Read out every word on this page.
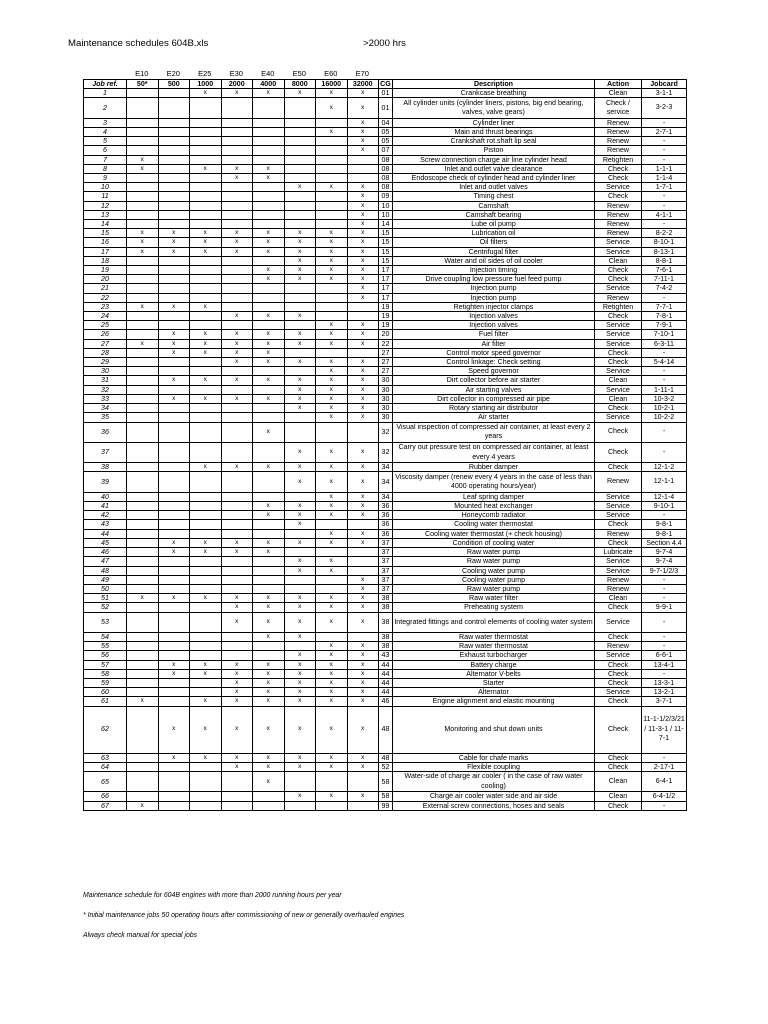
Maintenance schedules 604B.xls	>2000 hrs
E10	E20	E25	E30	E40	E50	E60	E70
Job ref.	50*	500	1000	2000	4000	8000	16000	32000	CG	Description	Action	Jobcard
1			x	x	x	x	x	x	01	Crankcase breathing	Clean	3-1-1
2							x	x	01	All cylinder units (cylinder liners, pistons, big end bearing, valves, valve gears)	Check / service	3-2-3
3								x	04	Cylinder liner	Renew	-
4							x	x	05	Main and thrust bearings	Renew	2-7-1
5								x	05	Crankshaft rot.shaft lip seal	Renew	-
6								x	07	Piston	Renew	-
7	x								08	Screw connection charge air line cylinder head	Retighten	-
8	x		x	x	x				08	Inlet and outlet valve clearance	Check	1-1-1
9				x	x				08	Endoscope check of cylinder head and cylinder liner	Check	1-1-4
10						x	x	x	08	Inlet and outlet valves	Service	1-7-1
11								x	09	Timing chest	Check	-
12								x	10	Camshaft	Renew	-
13								x	10	Camshaft bearing	Renew	4-1-1
14								x	14	Lube oil pump	Renew	-
15	x	x	x	x	x	x	x	x	15	Lubrication oil	Renew	8-2-2
16	x	x	x	x	x	x	x	x	15	Oil filters	Service	8-10-1
17	x	x	x	x	x	x	x	x	15	Centrifugal filter	Service	8-13-1
18						x	x	x	15	Water and oil sides of oil cooler	Clean	8-8-1
19					x	x	x	x	17	Injection timing	Check	7-6-1
20					x	x	x	x	17	Drive coupling low pressure fuel feed pump	Check	7-11-1
21								x	17	Injection pump	Service	7-4-2
22								x	17	Injection pump	Renew	-
23	x	x	x						19	Retighten injector clamps	Retighten	7-7-1
24				x	x	x			19	Injection valves	Check	7-8-1
25							x	x	19	Injection valves	Service	7-9-1
26		x	x	x	x	x	x	x	20	Fuel filter	Service	7-10-1
27	x	x	x	x	x	x	x	x	22	Air filter	Service	6-3-11
28		x	x	x	x				27	Control motor speed governor	Check	-
29				x	x	x	x	x	27	Control linkage: Check setting	Check	5-4-14
30							x	x	27	Speed governor	Service	-
31		x	x	x	x	x	x	x	30	Dirt collector before air starter	Clean	-
32						x	x	x	30	Air starting valves	Service	1-11-1
33		x	x	x	x	x	x	x	30	Dirt collector in compressed air pipe	Clean	10-3-2
34						x	x	x	30	Rotary starting air distributor	Check	10-2-1
35							x	x	30	Air starter	Service	10-2-2
36					x				32	Visual inspection of compressed air container, at least every 2 years	Check	-
37						x	x	x	32	Carry out pressure test on compressed air container, at least every 4 years	Check	-
38			x	x	x	x	x	x	34	Rubber damper	Check	12-1-2
39						x	x	x	34	Viscosity damper (renew every 4 years in the case of less than 4000 operating hours/year)	Renew	12-1-1
40							x	x	34	Leaf spring damper	Service	12-1-4
41					x	x	x	x	36	Mounted heat exchanger	Service	9-10-1
42					x	x	x	x	36	Honeycomb radiator	Service	-
43						x			36	Cooling water thermostat	Check	9-8-1
44							x	x	36	Cooling water thermostat (+ check housing)	Renew	9-8-1
45		x	x	x	x	x	x	x	37	Condition of cooling water	Check	Section 4.4
46		x	x	x	x				37	Raw water pump	Lubricate	9-7-4
47						x	x		37	Raw water pump	Service	9-7-4
48						x	x		37	Cooling water pump	Service	9-7-1/2/3
49								x	37	Cooling water pump	Renew	-
50								x	37	Raw water pump	Renew	-
51	x	x	x	x	x	x	x	x	38	Raw water filter	Clean	-
52				x	x	x	x	x	38	Preheating system	Check	9-9-1
53				x	x	x	x	x	38	Integrated fittings and control elements of cooling water system	Service	-
54					x	x			38	Raw water thermostat	Check	-
55							x	x	38	Raw water thermostat	Renew	-
56						x	x	x	43	Exhaust turbocharger	Service	6-6-1
57		x	x	x	x	x	x	x	44	Battery charge	Check	13-4-1
58		x	x	x	x	x	x	x	44	Alternator V-belts	Check	-
59				x	x	x	x	x	44	Starter	Check	13-3-1
60				x	x	x	x	x	44	Alternator	Service	13-2-1
61	x		x	x	x	x	x	x	46	Engine alignment and elastic mounting	Check	3-7-1
62		x	x	x	x	x	x	x	48	Monitoring and shut down units	Check	11-1-1/2/3/21 / 11-3-1 / 11-7-1
63		x	x	x	x	x	x	x	48	Cable for chafe marks	Check	-
64				x	x	x	x	x	52	Flexible coupling	Check	2-17-1
65					x				58	Water-side of charge air cooler ( in the case of raw water cooling)	Clean	6-4-1
66						x	x	x	58	Charge air cooler water side and air side	Clean	6-4-1/2
67	x								99	External screw connections, hoses and seals	Check	-
Maintenance schedule for 604B engines with more than 2000 running hours per year
* Initial maintenance jobs 50 operating hours after commissioning of new or generally overhauled engines
Always check manual for special jobs
